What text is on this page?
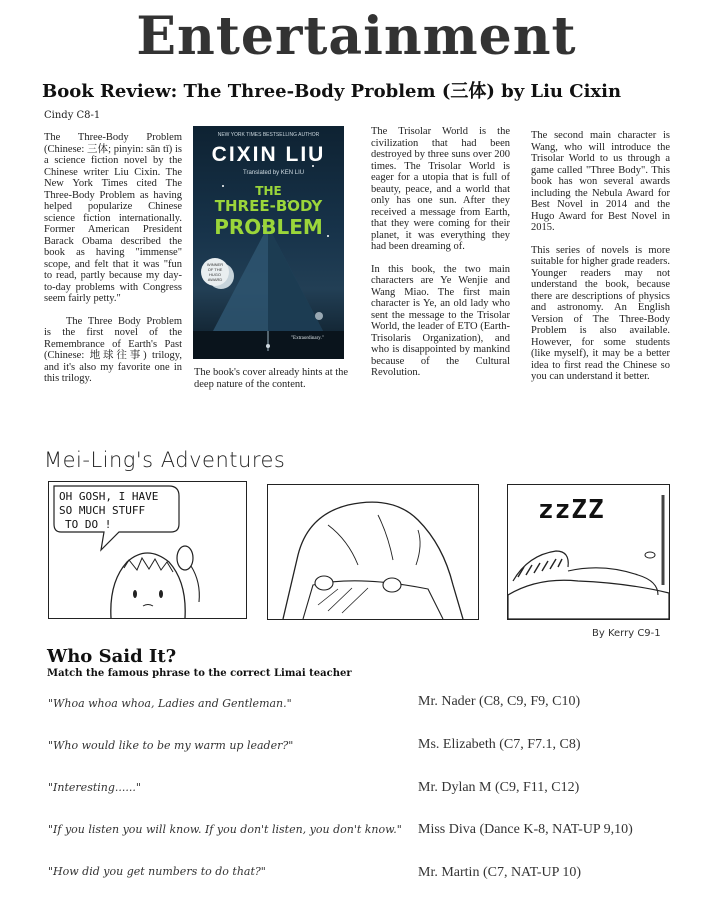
Entertainment
Book Review: The Three-Body Problem (三体) by Liu Cixin
Cindy C8-1

The Three-Body Problem (Chinese: 三体; pinyin: sān tǐ) is a science fiction novel by the Chinese writer Liu Cixin. The New York Times cited The Three-Body Problem as having helped popularize Chinese science fiction internationally. Former American President Barack Obama described the book as having "immense" scope, and felt that it was "fun to read, partly because my day-to-day problems with Congress seem fairly petty."

The Three Body Problem is the first novel of the Remembrance of Earth's Past (Chinese: 地球往事) trilogy, and it's also my favorite one in this trilogy.

NEW YORK TIMES BESTSELLING AUTHOR
CIXIN LIU
Translated by KEN LIU
THE
THREE-BODY
PROBLEM
WINNER
OF THE
HUGO
AWARD
"Extraordinary."
The book's cover already hints at the deep nature of the content.

The Trisolar World is the civilization that had been destroyed by three suns over 200 times. The Trisolar World is eager for a utopia that is full of beauty, peace, and a world that only has one sun. After they received a message from Earth, that they were coming for their planet, it was everything they had been dreaming of.

In this book, the two main characters are Ye Wenjie and Wang Miao. The first main character is Ye, an old lady who sent the message to the Trisolar World, the leader of ETO (Earth-Trisolaris Organization), and who is disappointed by mankind because of the Cultural Revolution.

The second main character is Wang, who will introduce the Trisolar World to us through a game called "Three Body". This book has won several awards including the Nebula Award for Best Novel in 2014 and the Hugo Award for Best Novel in 2015.

This series of novels is more suitable for higher grade readers. Younger readers may not understand the book, because there are descriptions of physics and astronomy. An English Version of The Three-Body Problem is also available. However, for some students (like myself), it may be a better idea to first read the Chinese so you can understand it better.

Mei-Ling's Adventures
OH GOSH, I HAVE
SO MUCH STUFF
TO DO !	zzZZ
By Kerry C9-1
Who Said It?
Match the famous phrase to the correct Limai teacher
"Whoa whoa whoa, Ladies and Gentleman."
"Who would like to be my warm up leader?"
"Interesting......"
"If you listen you will know. If you don't listen, you don't know."
"How did you get numbers to do that?"
Mr. Nader (C8, C9, F9, C10)
Ms. Elizabeth (C7, F7.1, C8)
Mr. Dylan M (C9, F11, C12)
Miss Diva (Dance K-8, NAT-UP 9,10)
Mr. Martin (C7, NAT-UP 10)
